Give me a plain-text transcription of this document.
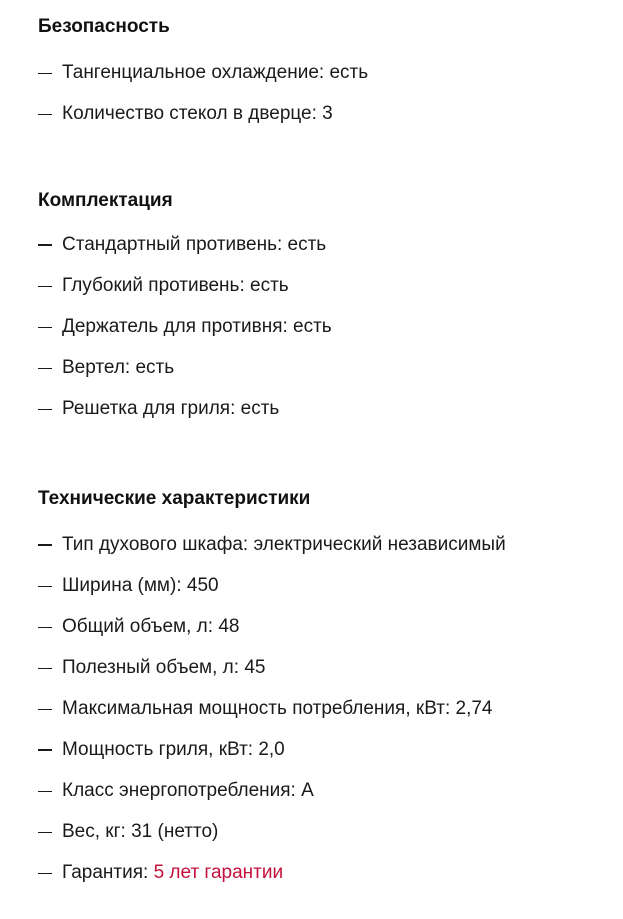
Безопасность
Тангенциальное охлаждение: есть
Количество стекол в дверце: 3
Комплектация
Стандартный противень: есть
Глубокий противень: есть
Держатель для противня: есть
Вертел: есть
Решетка для гриля: есть
Технические характеристики
Тип духового шкафа: электрический независимый
Ширина (мм): 450
Общий объем, л: 48
Полезный объем, л: 45
Максимальная мощность потребления, кВт: 2,74
Мощность гриля, кВт: 2,0
Класс энергопотребления: A
Вес, кг: 31 (нетто)
Гарантия: 5 лет гарантии
